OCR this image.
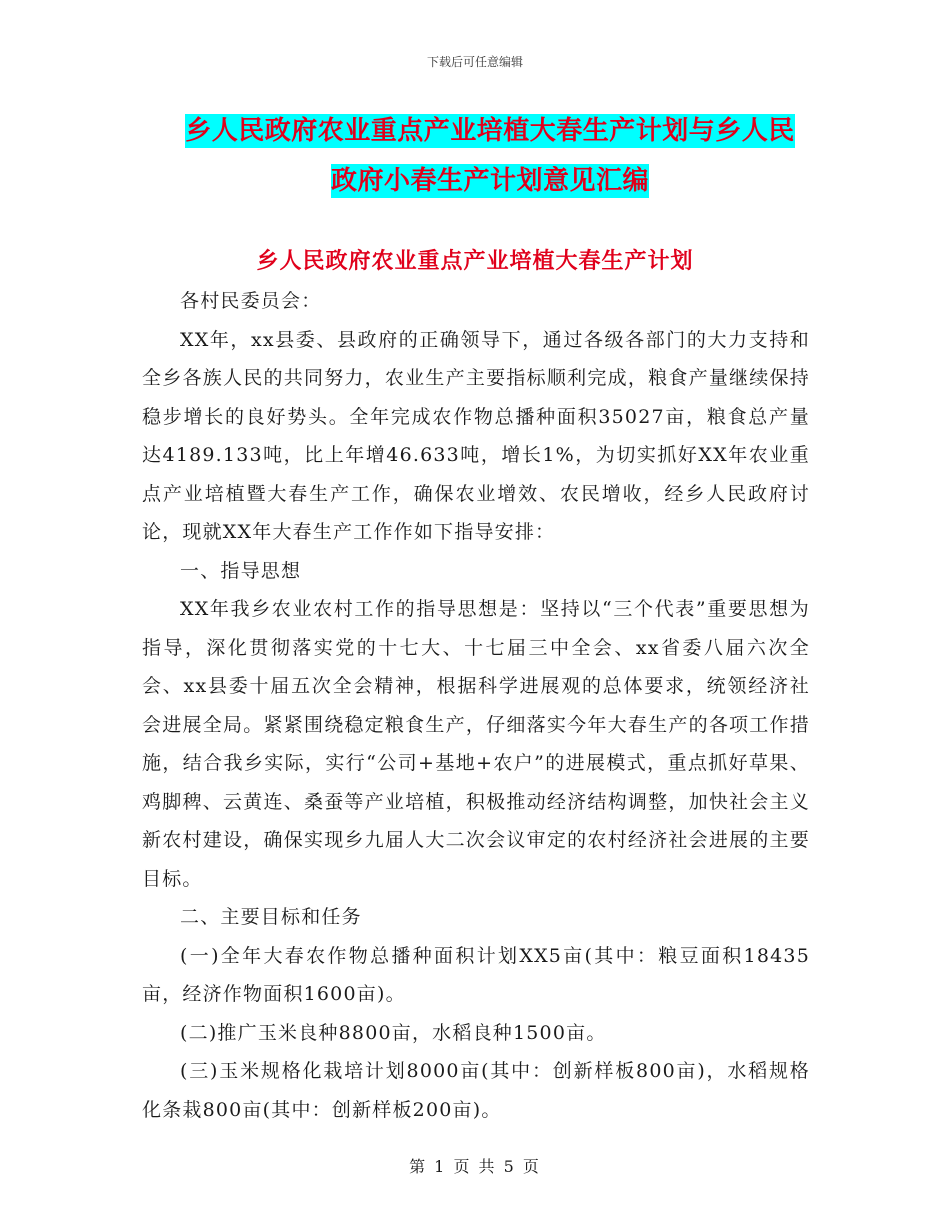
下载后可任意编辑
乡人民政府农业重点产业培植大春生产计划与乡人民
政府小春生产计划意见汇编
乡人民政府农业重点产业培植大春生产计划

各村民委员会：

XX年，xx县委、县政府的正确领导下，通过各级各部门的大力支持和全乡各族人民的共同努力，农业生产主要指标顺利完成，粮食产量继续保持稳步增长的良好势头。全年完成农作物总播种面积35027亩，粮食总产量达4189.133吨，比上年增46.633吨，增长1%，为切实抓好XX年农业重点产业培植暨大春生产工作，确保农业增效、农民增收，经乡人民政府讨论，现就XX年大春生产工作作如下指导安排：

一、指导思想

XX年我乡农业农村工作的指导思想是：坚持以“三个代表”重要思想为指导，深化贯彻落实党的十七大、十七届三中全会、xx省委八届六次全会、xx县委十届五次全会精神，根据科学进展观的总体要求，统领经济社会进展全局。紧紧围绕稳定粮食生产，仔细落实今年大春生产的各项工作措施，结合我乡实际，实行“公司+基地+农户”的进展模式，重点抓好草果、鸡脚稗、云黄连、桑蚕等产业培植，积极推动经济结构调整，加快社会主义新农村建设，确保实现乡九届人大二次会议审定的农村经济社会进展的主要目标。

二、主要目标和任务

(一)全年大春农作物总播种面积计划XX5亩(其中：粮豆面积18435亩，经济作物面积1600亩)。

(二)推广玉米良种8800亩，水稻良种1500亩。

(三)玉米规格化栽培计划8000亩(其中：创新样板800亩)，水稻规格化条栽800亩(其中：创新样板200亩)。

第 1 页 共 5 页
